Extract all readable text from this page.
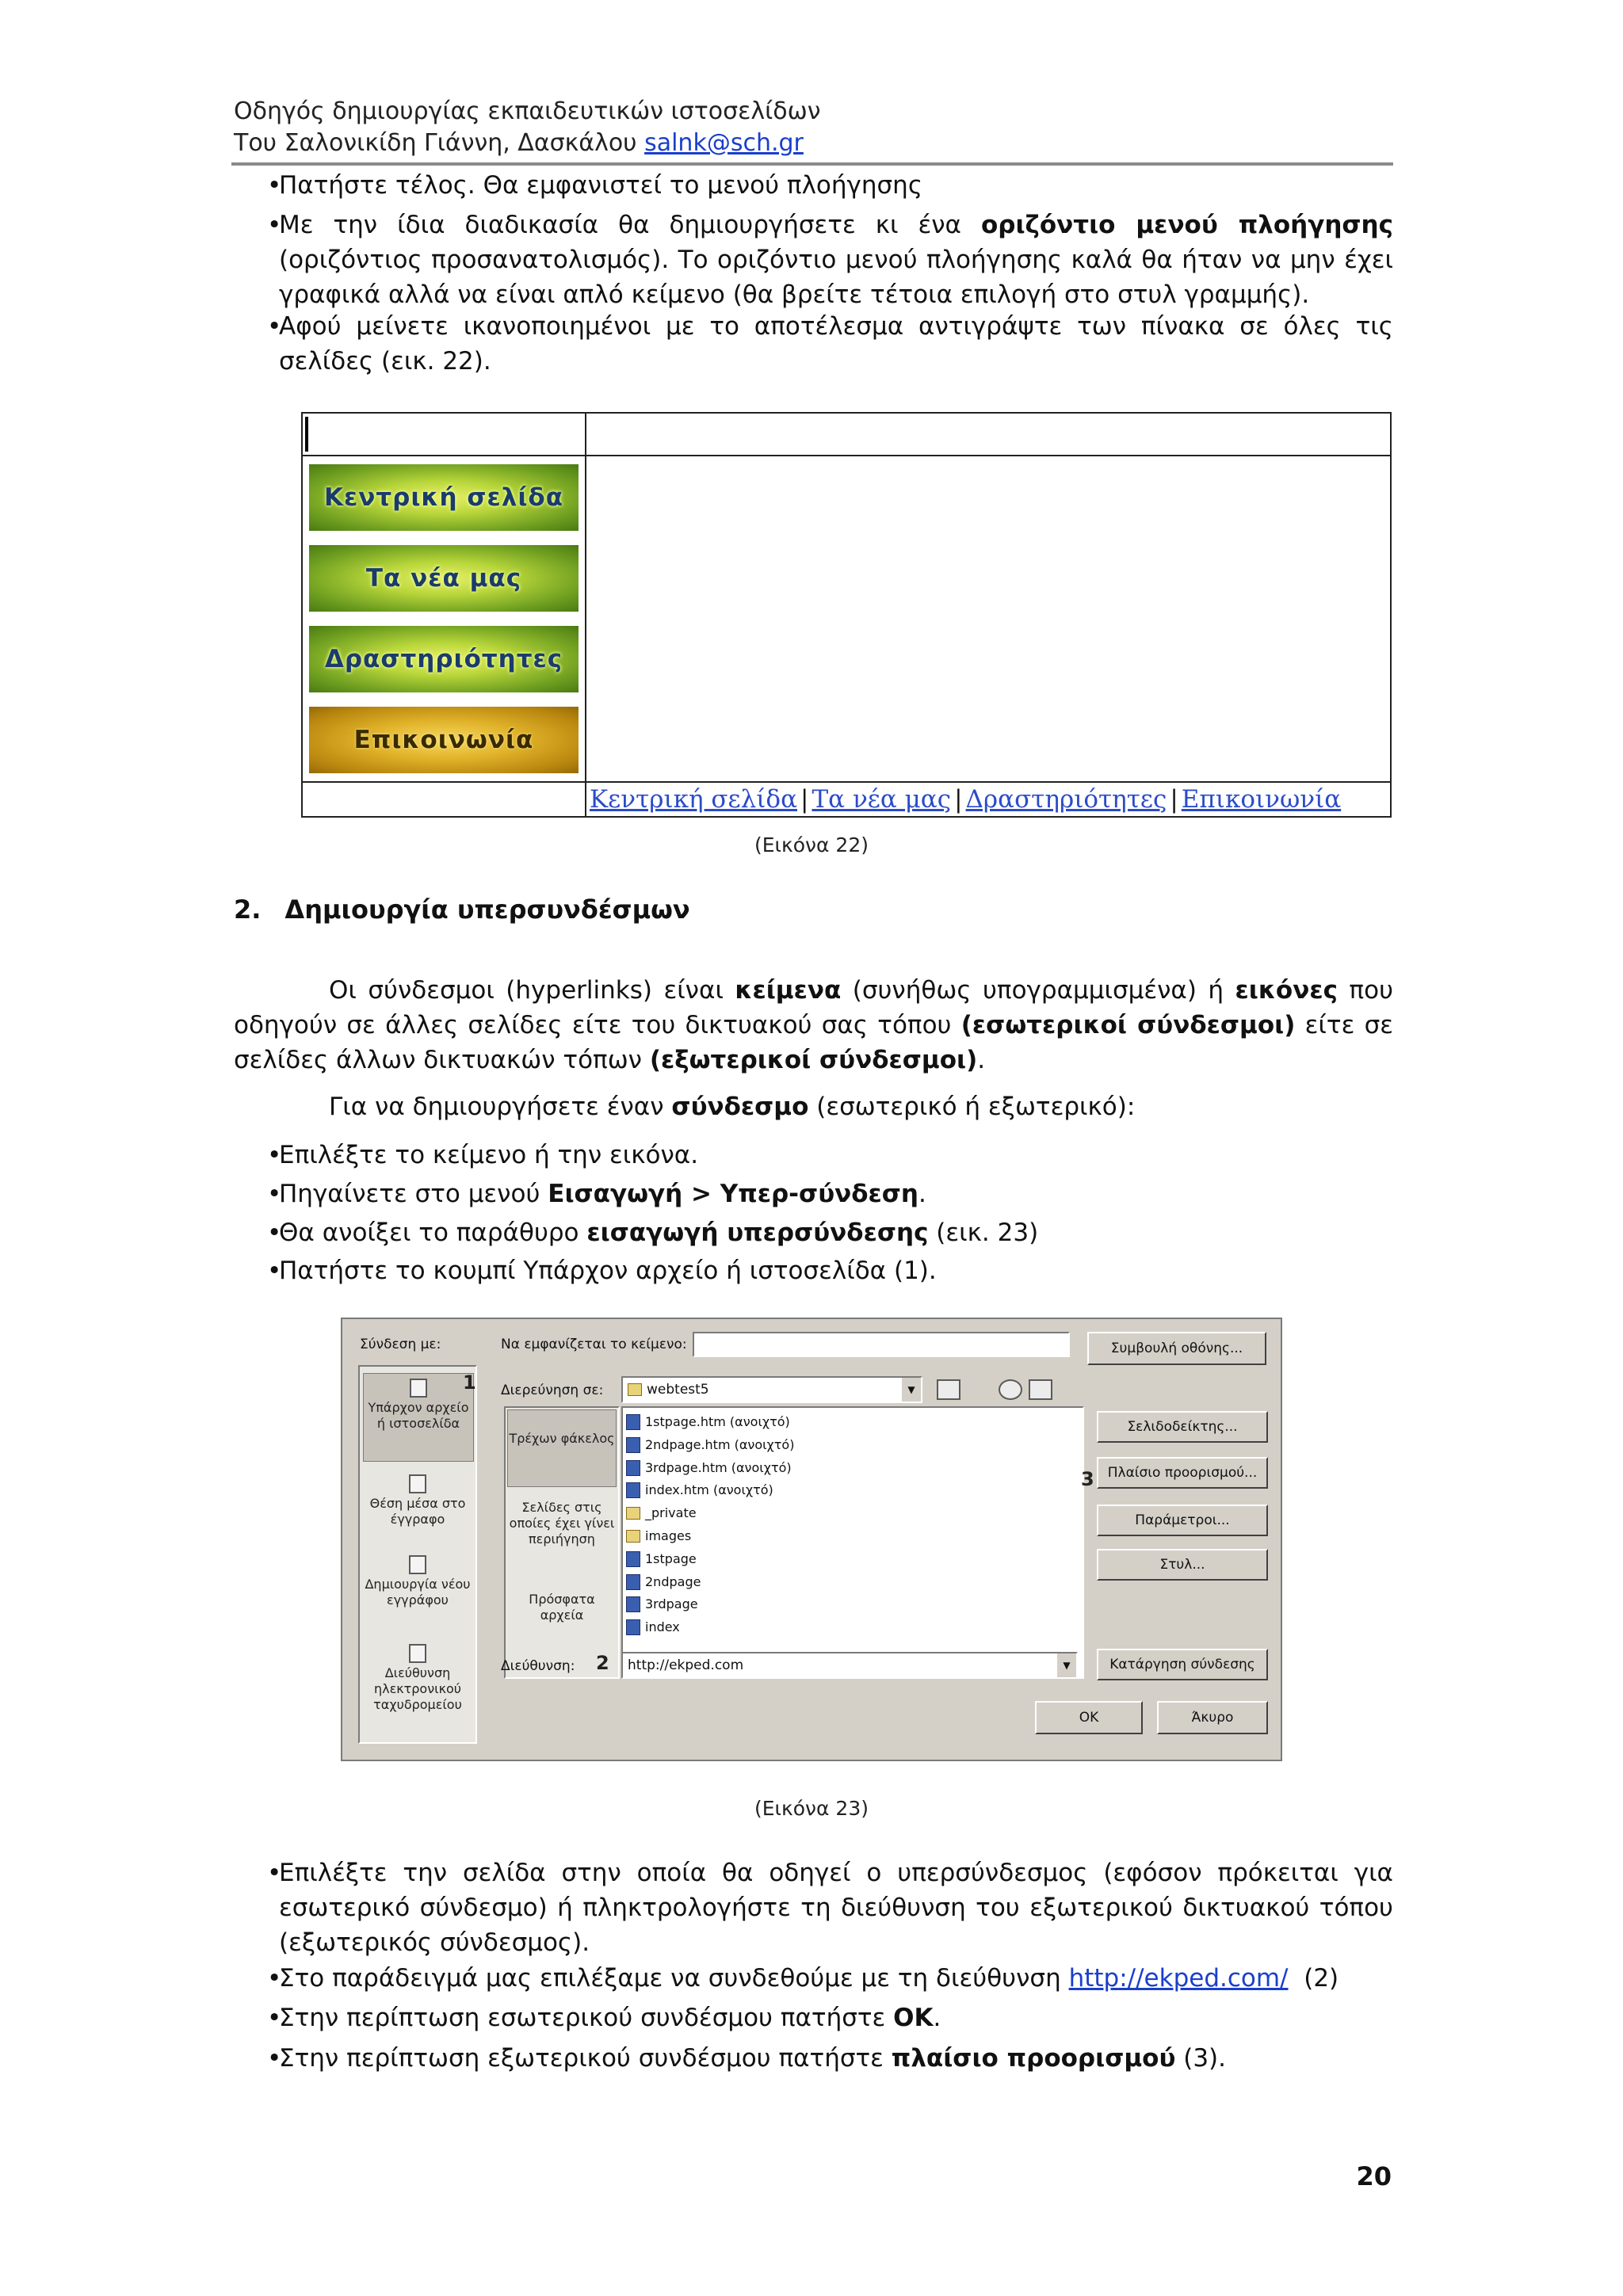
Οδηγός δημιουργίας εκπαιδευτικών ιστοσελίδων
Του Σαλονικίδη Γιάννη, Δασκάλου salnk@sch.gr
•
Πατήστε τέλος. Θα εμφανιστεί το μενού πλοήγησης
•
Με την ίδια διαδικασία θα δημιουργήσετε κι ένα οριζόντιο μενού πλοήγησης (οριζόντιος προσανατολισμός). Το οριζόντιο μενού πλοήγησης καλά θα ήταν να μην έχει γραφικά αλλά να είναι απλό κείμενο (θα βρείτε τέτοια επιλογή στο στυλ γραμμής).
•
Αφού μείνετε ικανοποιημένοι με το αποτέλεσμα αντιγράψτε των πίνακα σε όλες τις σελίδες (εικ. 22).
Κεντρική σελίδα
Τα νέα μας
Δραστηριότητες
Επικοινωνία
Κεντρική σελίδα | Τα νέα μας | Δραστηριότητες | Επικοινωνία
(Εικόνα 22)
2. Δημιουργία υπερσυνδέσμων
Οι σύνδεσμοι (hyperlinks) είναι κείμενα (συνήθως υπογραμμισμένα) ή εικόνες που οδηγούν σε άλλες σελίδες είτε του δικτυακού σας τόπου (εσωτερικοί σύνδεσμοι) είτε σε σελίδες άλλων δικτυακών τόπων (εξωτερικοί σύνδεσμοι).
Για να δημιουργήσετε έναν σύνδεσμο (εσωτερικό ή εξωτερικό):
•
Επιλέξτε το κείμενο ή την εικόνα.
•
Πηγαίνετε στο μενού Εισαγωγή > Υπερ-σύνδεση.
•
Θα ανοίξει το παράθυρο εισαγωγή υπερσύνδεσης (εικ. 23)
•
Πατήστε το κουμπί Υπάρχον αρχείο ή ιστοσελίδα (1).
Σύνδεση με:	Να εμφανίζεται το κείμενο:	Συμβουλή οθόνης...
Υπάρχον αρχείο ή ιστοσελίδα
Θέση μέσα στο έγγραφο
Δημιουργία νέου εγγράφου
Διεύθυνση ηλεκτρονικού ταχυδρομείου
1 Διερεύνηση σε:	webtest5	▼
Τρέχων φάκελος
Σελίδες στις οποίες έχει γίνει περιήγηση
Πρόσφατα αρχεία
1stpage.htm (ανοιχτό)
2ndpage.htm (ανοιχτό)
3rdpage.htm (ανοιχτό)
index.htm (ανοιχτό)
_private
images
1stpage
2ndpage
3rdpage
index
3
Σελιδοδείκτης...
Πλαίσιο προορισμού...
Παράμετροι...
Στυλ...
Διεύθυνση: 2 http://ekped.com	▼	Κατάργηση σύνδεσης
OK	Άκυρο
(Εικόνα 23)
•
Επιλέξτε την σελίδα στην οποία θα οδηγεί ο υπερσύνδεσμος (εφόσον πρόκειται για εσωτερικό σύνδεσμο) ή πληκτρολογήστε τη διεύθυνση του εξωτερικού δικτυακού τόπου (εξωτερικός σύνδεσμος).
•
Στο παράδειγμά μας επιλέξαμε να συνδεθούμε με τη διεύθυνση http://ekped.com/  (2)
•
Στην περίπτωση εσωτερικού συνδέσμου πατήστε OK.
•
Στην περίπτωση εξωτερικού συνδέσμου πατήστε πλαίσιο προορισμού (3).
20
